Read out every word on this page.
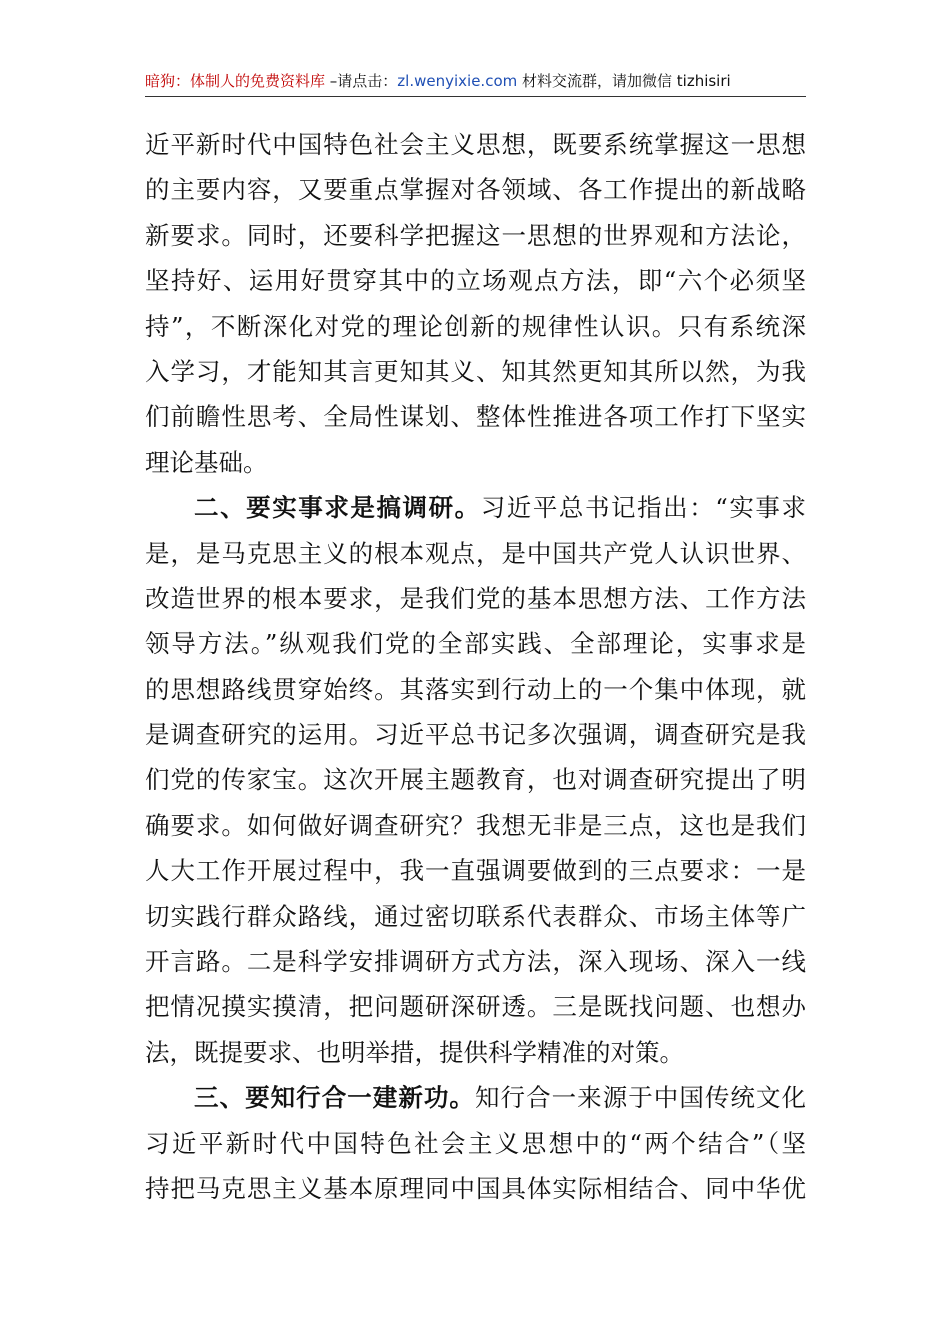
暗狗：体制人的免费资料库 –请点击：zl.wenyixie.com 材料交流群，请加微信 tizhisiri
近平新时代中国特色社会主义思想，既要系统掌握这一思想
的主要内容，又要重点掌握对各领域、各工作提出的新战略
新要求。同时，还要科学把握这一思想的世界观和方法论，
坚持好、运用好贯穿其中的立场观点方法，即“六个必须坚
持”，不断深化对党的理论创新的规律性认识。只有系统深
入学习，才能知其言更知其义、知其然更知其所以然，为我
们前瞻性思考、全局性谋划、整体性推进各项工作打下坚实
理论基础。
二、要实事求是搞调研。习近平总书记指出：“实事求
是，是马克思主义的根本观点，是中国共产党人认识世界、
改造世界的根本要求，是我们党的基本思想方法、工作方法
领导方法。”纵观我们党的全部实践、全部理论，实事求是
的思想路线贯穿始终。其落实到行动上的一个集中体现，就
是调查研究的运用。习近平总书记多次强调，调查研究是我
们党的传家宝。这次开展主题教育，也对调查研究提出了明
确要求。如何做好调查研究？我想无非是三点，这也是我们
人大工作开展过程中，我一直强调要做到的三点要求：一是
切实践行群众路线，通过密切联系代表群众、市场主体等广
开言路。二是科学安排调研方式方法，深入现场、深入一线
把情况摸实摸清，把问题研深研透。三是既找问题、也想办
法，既提要求、也明举措，提供科学精准的对策。
三、要知行合一建新功。知行合一来源于中国传统文化
习近平新时代中国特色社会主义思想中的“两个结合”（坚
持把马克思主义基本原理同中国具体实际相结合、同中华优
